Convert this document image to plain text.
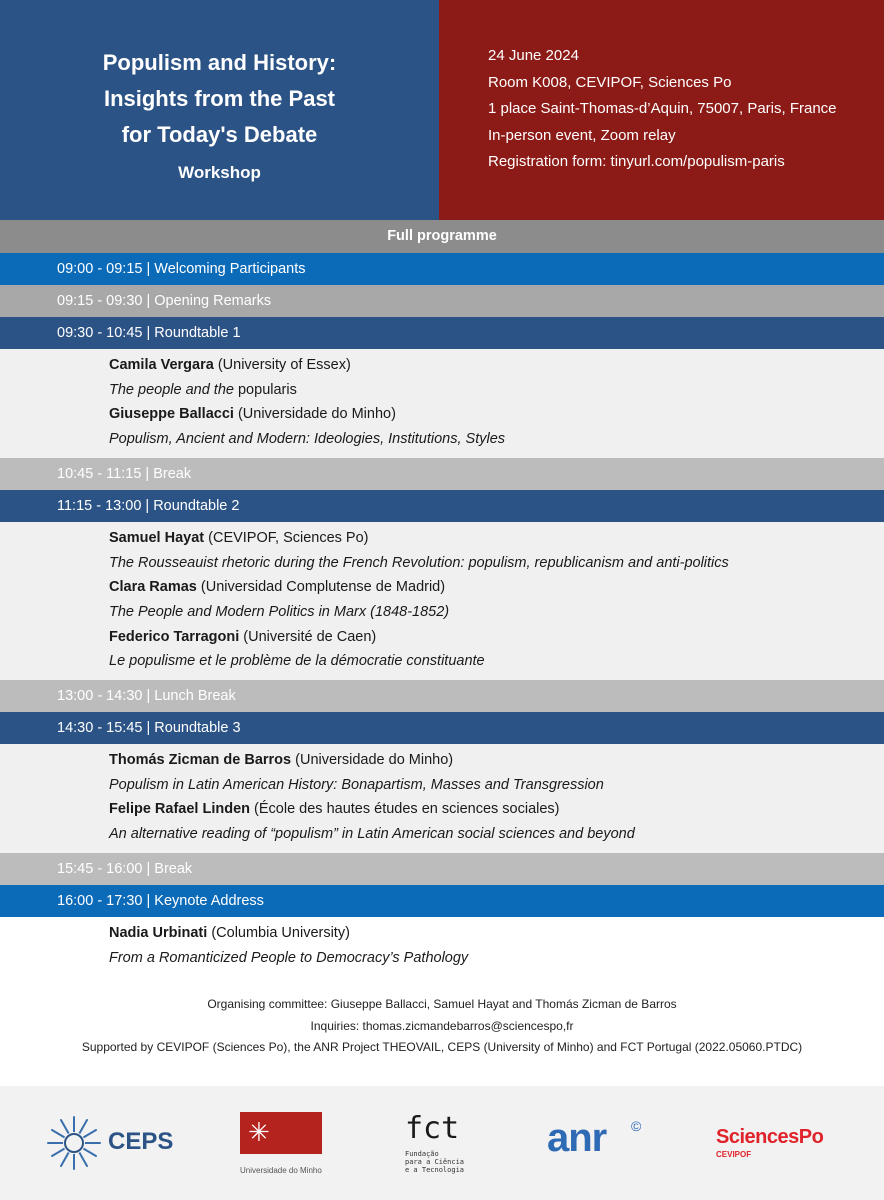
Populism and History:
Insights from the Past
for Today's Debate
Workshop
24 June 2024
Room K008, CEVIPOF, Sciences Po
1 place Saint-Thomas-d’Aquin, 75007, Paris, France
In-person event, Zoom relay
Registration form: tinyurl.com/populism-paris
Full programme
09:00 - 09:15 | Welcoming Participants
09:15 - 09:30 | Opening Remarks
09:30 - 10:45 | Roundtable 1
Camila Vergara (University of Essex)
The people and the popularis
Giuseppe Ballacci (Universidade do Minho)
Populism, Ancient and Modern: Ideologies, Institutions, Styles
10:45 - 11:15 | Break
11:15 - 13:00 | Roundtable 2
Samuel Hayat (CEVIPOF, Sciences Po)
The Rousseauist rhetoric during the French Revolution: populism, republicanism and anti-politics
Clara Ramas (Universidad Complutense de Madrid)
The People and Modern Politics in Marx (1848-1852)
Federico Tarragoni (Université de Caen)
Le populisme et le problème de la démocratie constituante
13:00 - 14:30 | Lunch Break
14:30 - 15:45 | Roundtable 3
Thomás Zicman de Barros (Universidade do Minho)
Populism in Latin American History: Bonapartism, Masses and Transgression
Felipe Rafael Linden (École des hautes études en sciences sociales)
An alternative reading of “populism” in Latin American social sciences and beyond
15:45 - 16:00 | Break
16:00 - 17:30 | Keynote Address
Nadia Urbinati (Columbia University)
From a Romanticized People to Democracy’s Pathology
Organising committee: Giuseppe Ballacci, Samuel Hayat and Thomás Zicman de Barros
Inquiries: thomas.zicmandebarros@sciencespo,fr
Supported by CEVIPOF (Sciences Po), the ANR Project THEOVAIL, CEPS (University of Minho) and FCT Portugal (2022.05060.PTDC)
CEPS	✳
Universidade do Minho
fct
Fundação
para a Ciência
e a Tecnologia
anr ©	SciencesPo
CEVIPOF
